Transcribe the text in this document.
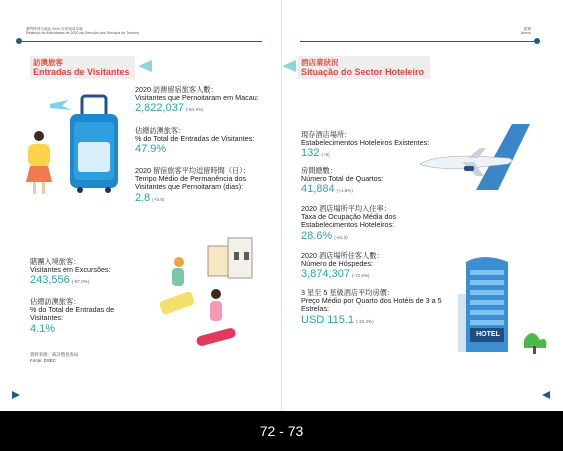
澳門特別行政區 2020 年旅遊局年報
Relatório de Actividades de 2020 da Direcção dos Serviços de Turismo
附錄
Anexo
訪澳旅客
Entradas de Visitantes
2020 訪澳留宿旅客人數：
Visitantes que Pernoitaram em Macau:
2,822,037 (-84.9%)
佔總訪澳旅客：
% do Total de Entradas de Visitantes:
47.9%
2020 留宿旅客平均逗留時間（日）：
Tempo Médio de Permanência dos Visitantes que Pernoitaram (dias):
2.8 (+0.6)
賭團入境旅客：
Visitantes em Excursões:
243,556 (-87.0%)
佔總訪澳旅客：
% do Total de Entradas de Visitantes:
4.1%
資料來源：統計暨普查局
Fonte: DSEC
酒店業狀況
Situação do Sector Hoteleiro
現存酒店場所：
Estabelecimentos Hoteleiros Existentes:
132 (+6)
房間總數：
Número Total de Quartos:
41,884 (+1.8%)
2020 酒店場所平均入住率：
Taxa de Ocupação Média dos Estabelecimentos Hoteleiros:
28.6% (-62.2)
2020 酒店場所住客人數：
Número de Hóspedes:
3,874,307 (-72.5%)
3 星至 5 星級酒店平均房價：
Preço Médio por Quarto dos Hotéis de 3 a 5 Estrelas:
USD 115.1 (-32.4%)
HOTEL
72 - 73
